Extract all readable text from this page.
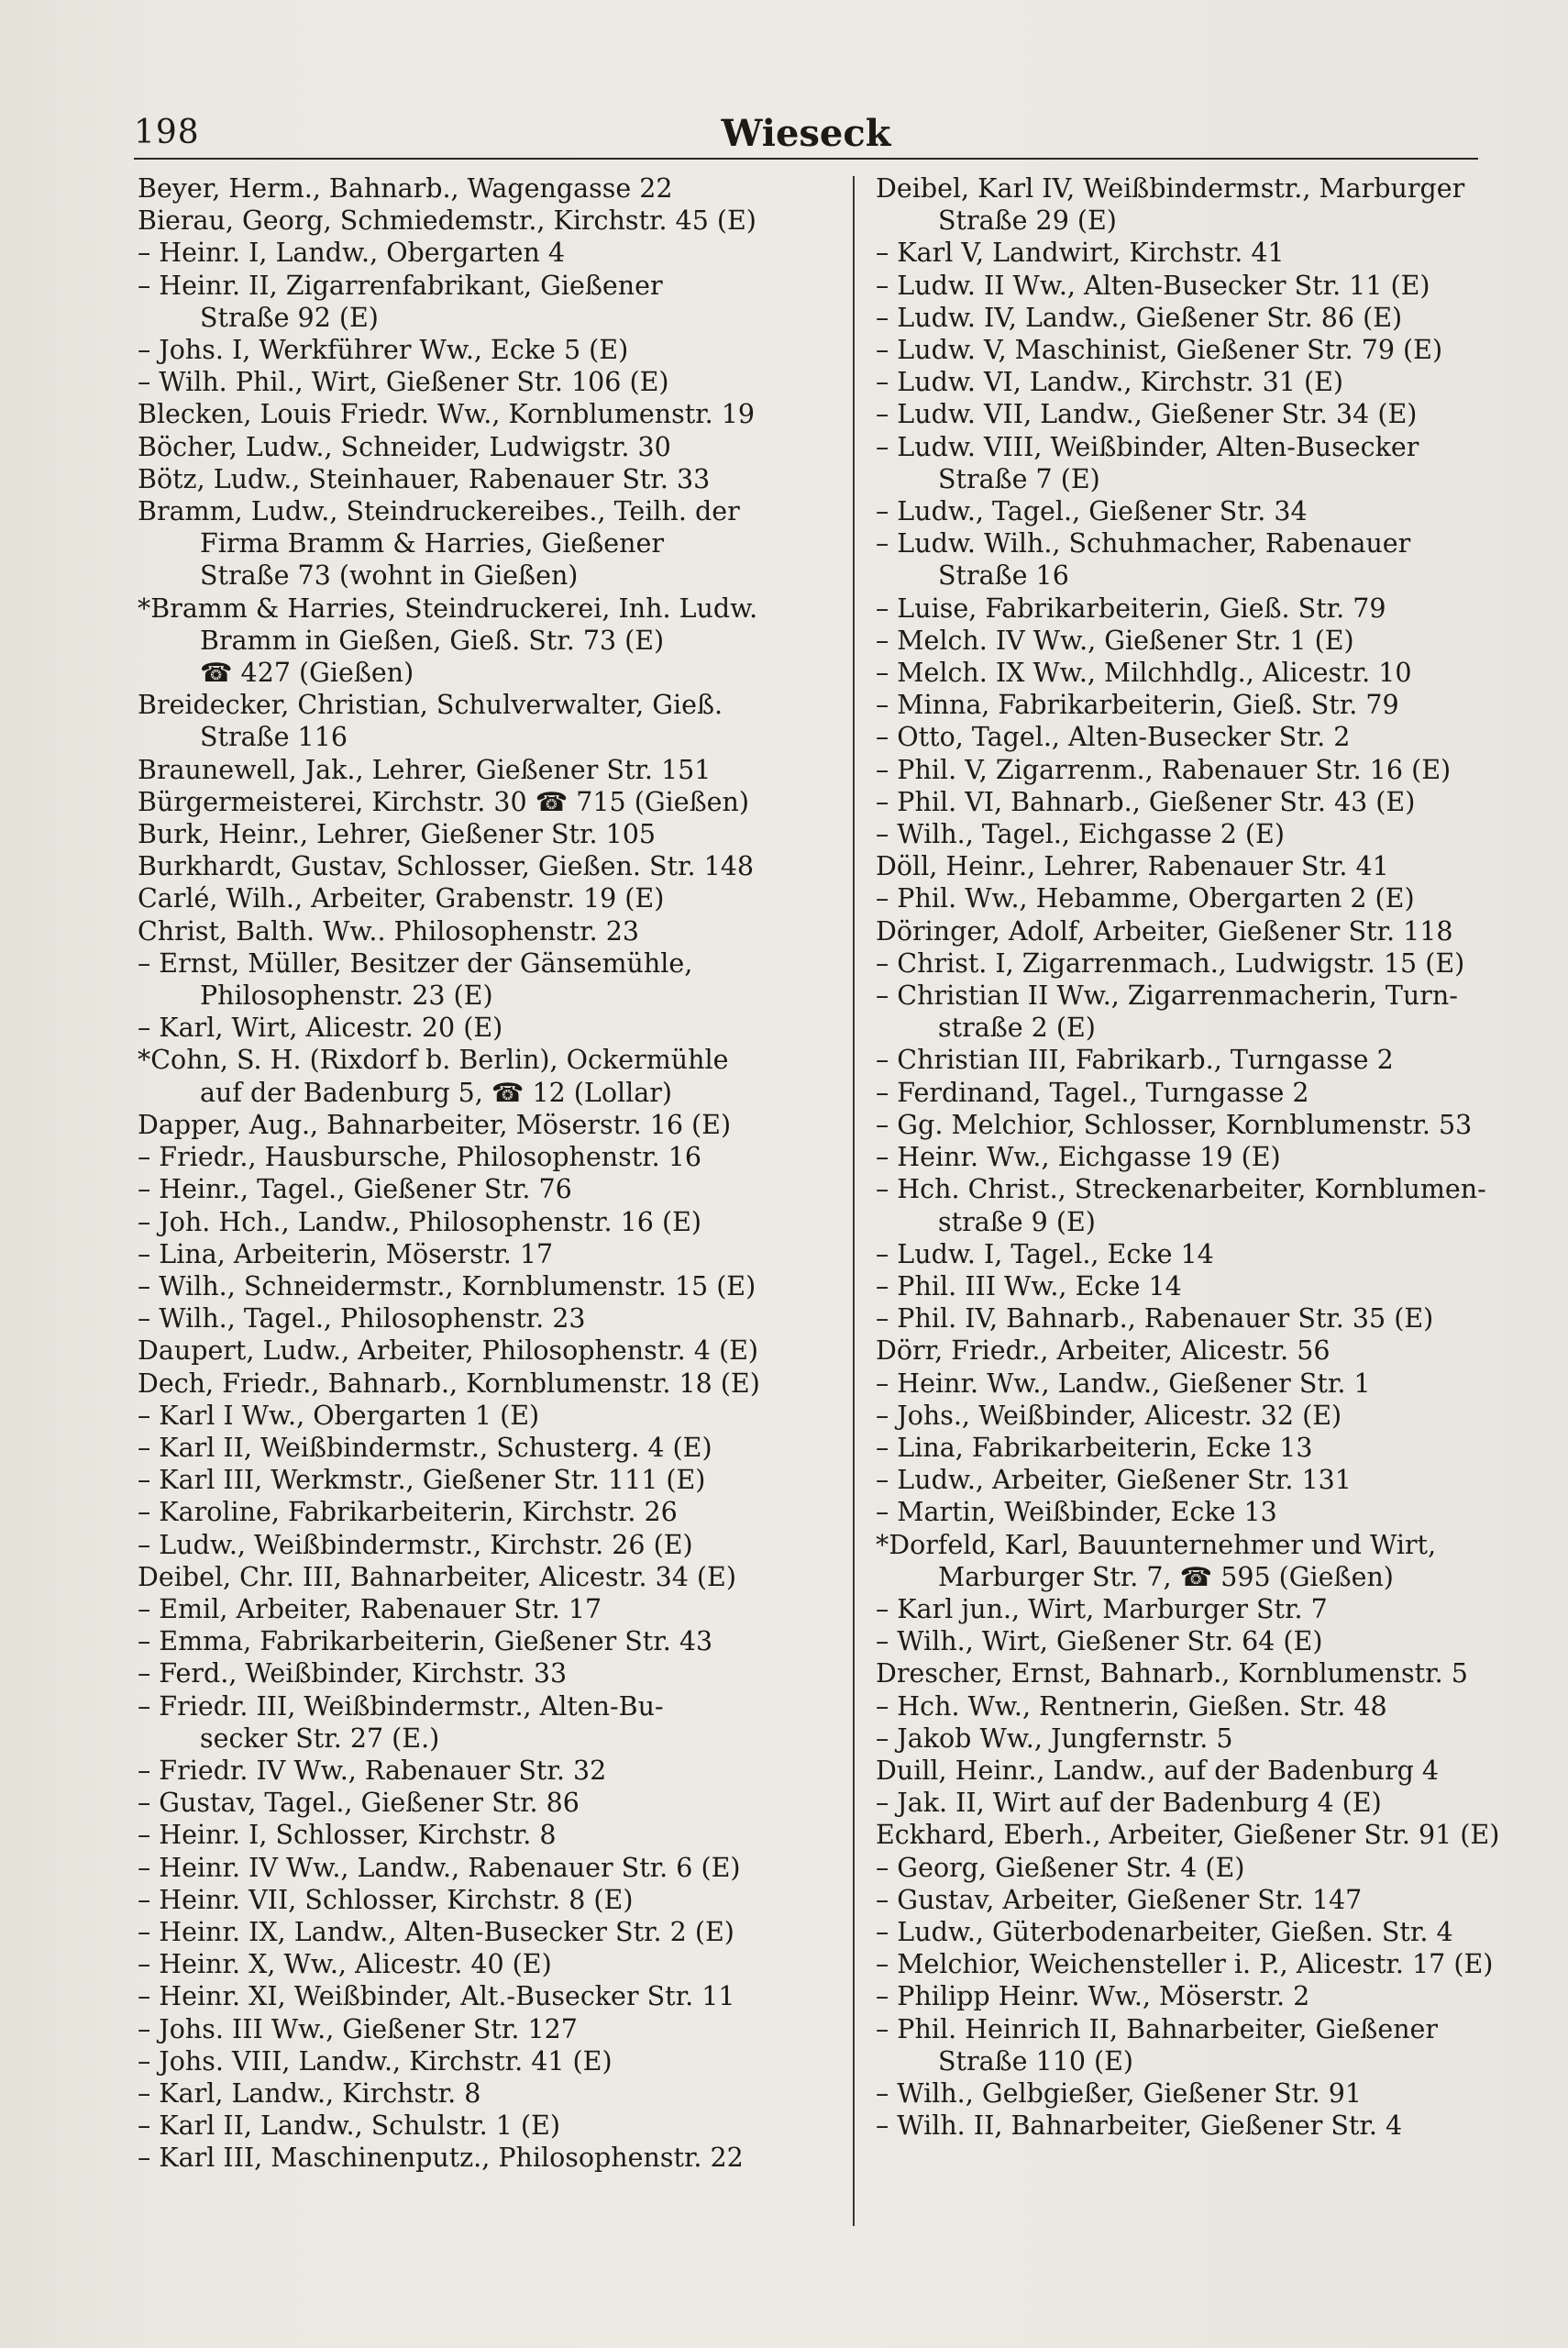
198	Wieseck
Beyer, Herm., Bahnarb., Wagengasse 22
Bierau, Georg, Schmiedemstr., Kirchstr. 45 (E)
– Heinr. I, Landw., Obergarten 4
– Heinr. II, Zigarrenfabrikant, Gießener
Straße 92 (E)
– Johs. I, Werkführer Ww., Ecke 5 (E)
– Wilh. Phil., Wirt, Gießener Str. 106 (E)
Blecken, Louis Friedr. Ww., Kornblumenstr. 19
Böcher, Ludw., Schneider, Ludwigstr. 30
Bötz, Ludw., Steinhauer, Rabenauer Str. 33
Bramm, Ludw., Steindruckereibes., Teilh. der
Firma Bramm & Harries, Gießener
Straße 73 (wohnt in Gießen)
*Bramm & Harries, Steindruckerei, Inh. Ludw.
Bramm in Gießen, Gieß. Str. 73 (E)
☎ 427 (Gießen)
Breidecker, Christian, Schulverwalter, Gieß.
Straße 116
Braunewell, Jak., Lehrer, Gießener Str. 151
Bürgermeisterei, Kirchstr. 30 ☎ 715 (Gießen)
Burk, Heinr., Lehrer, Gießener Str. 105
Burkhardt, Gustav, Schlosser, Gießen. Str. 148
Carlé, Wilh., Arbeiter, Grabenstr. 19 (E)
Christ, Balth. Ww.. Philosophenstr. 23
– Ernst, Müller, Besitzer der Gänsemühle,
Philosophenstr. 23 (E)
– Karl, Wirt, Alicestr. 20 (E)
*Cohn, S. H. (Rixdorf b. Berlin), Ockermühle
auf der Badenburg 5, ☎ 12 (Lollar)
Dapper, Aug., Bahnarbeiter, Möserstr. 16 (E)
– Friedr., Hausbursche, Philosophenstr. 16
– Heinr., Tagel., Gießener Str. 76
– Joh. Hch., Landw., Philosophenstr. 16 (E)
– Lina, Arbeiterin, Möserstr. 17
– Wilh., Schneidermstr., Kornblumenstr. 15 (E)
– Wilh., Tagel., Philosophenstr. 23
Daupert, Ludw., Arbeiter, Philosophenstr. 4 (E)
Dech, Friedr., Bahnarb., Kornblumenstr. 18 (E)
– Karl I Ww., Obergarten 1 (E)
– Karl II, Weißbindermstr., Schusterg. 4 (E)
– Karl III, Werkmstr., Gießener Str. 111 (E)
– Karoline, Fabrikarbeiterin, Kirchstr. 26
– Ludw., Weißbindermstr., Kirchstr. 26 (E)
Deibel, Chr. III, Bahnarbeiter, Alicestr. 34 (E)
– Emil, Arbeiter, Rabenauer Str. 17
– Emma, Fabrikarbeiterin, Gießener Str. 43
– Ferd., Weißbinder, Kirchstr. 33
– Friedr. III, Weißbindermstr., Alten-Bu-
secker Str. 27 (E.)
– Friedr. IV Ww., Rabenauer Str. 32
– Gustav, Tagel., Gießener Str. 86
– Heinr. I, Schlosser, Kirchstr. 8
– Heinr. IV Ww., Landw., Rabenauer Str. 6 (E)
– Heinr. VII, Schlosser, Kirchstr. 8 (E)
– Heinr. IX, Landw., Alten-Busecker Str. 2 (E)
– Heinr. X, Ww., Alicestr. 40 (E)
– Heinr. XI, Weißbinder, Alt.-Busecker Str. 11
– Johs. III Ww., Gießener Str. 127
– Johs. VIII, Landw., Kirchstr. 41 (E)
– Karl, Landw., Kirchstr. 8
– Karl II, Landw., Schulstr. 1 (E)
– Karl III, Maschinenputz., Philosophenstr. 22
Deibel, Karl IV, Weißbindermstr., Marburger
Straße 29 (E)
– Karl V, Landwirt, Kirchstr. 41
– Ludw. II Ww., Alten-Busecker Str. 11 (E)
– Ludw. IV, Landw., Gießener Str. 86 (E)
– Ludw. V, Maschinist, Gießener Str. 79 (E)
– Ludw. VI, Landw., Kirchstr. 31 (E)
– Ludw. VII, Landw., Gießener Str. 34 (E)
– Ludw. VIII, Weißbinder, Alten-Busecker
Straße 7 (E)
– Ludw., Tagel., Gießener Str. 34
– Ludw. Wilh., Schuhmacher, Rabenauer
Straße 16
– Luise, Fabrikarbeiterin, Gieß. Str. 79
– Melch. IV Ww., Gießener Str. 1 (E)
– Melch. IX Ww., Milchhdlg., Alicestr. 10
– Minna, Fabrikarbeiterin, Gieß. Str. 79
– Otto, Tagel., Alten-Busecker Str. 2
– Phil. V, Zigarrenm., Rabenauer Str. 16 (E)
– Phil. VI, Bahnarb., Gießener Str. 43 (E)
– Wilh., Tagel., Eichgasse 2 (E)
Döll, Heinr., Lehrer, Rabenauer Str. 41
– Phil. Ww., Hebamme, Obergarten 2 (E)
Döringer, Adolf, Arbeiter, Gießener Str. 118
– Christ. I, Zigarrenmach., Ludwigstr. 15 (E)
– Christian II Ww., Zigarrenmacherin, Turn-
straße 2 (E)
– Christian III, Fabrikarb., Turngasse 2
– Ferdinand, Tagel., Turngasse 2
– Gg. Melchior, Schlosser, Kornblumenstr. 53
– Heinr. Ww., Eichgasse 19 (E)
– Hch. Christ., Streckenarbeiter, Kornblumen-
straße 9 (E)
– Ludw. I, Tagel., Ecke 14
– Phil. III Ww., Ecke 14
– Phil. IV, Bahnarb., Rabenauer Str. 35 (E)
Dörr, Friedr., Arbeiter, Alicestr. 56
– Heinr. Ww., Landw., Gießener Str. 1
– Johs., Weißbinder, Alicestr. 32 (E)
– Lina, Fabrikarbeiterin, Ecke 13
– Ludw., Arbeiter, Gießener Str. 131
– Martin, Weißbinder, Ecke 13
*Dorfeld, Karl, Bauunternehmer und Wirt,
Marburger Str. 7, ☎ 595 (Gießen)
– Karl jun., Wirt, Marburger Str. 7
– Wilh., Wirt, Gießener Str. 64 (E)
Drescher, Ernst, Bahnarb., Kornblumenstr. 5
– Hch. Ww., Rentnerin, Gießen. Str. 48
– Jakob Ww., Jungfernstr. 5
Duill, Heinr., Landw., auf der Badenburg 4
– Jak. II, Wirt auf der Badenburg 4 (E)
Eckhard, Eberh., Arbeiter, Gießener Str. 91 (E)
– Georg, Gießener Str. 4 (E)
– Gustav, Arbeiter, Gießener Str. 147
– Ludw., Güterbodenarbeiter, Gießen. Str. 4
– Melchior, Weichensteller i. P., Alicestr. 17 (E)
– Philipp Heinr. Ww., Möserstr. 2
– Phil. Heinrich II, Bahnarbeiter, Gießener
Straße 110 (E)
– Wilh., Gelbgießer, Gießener Str. 91
– Wilh. II, Bahnarbeiter, Gießener Str. 4
